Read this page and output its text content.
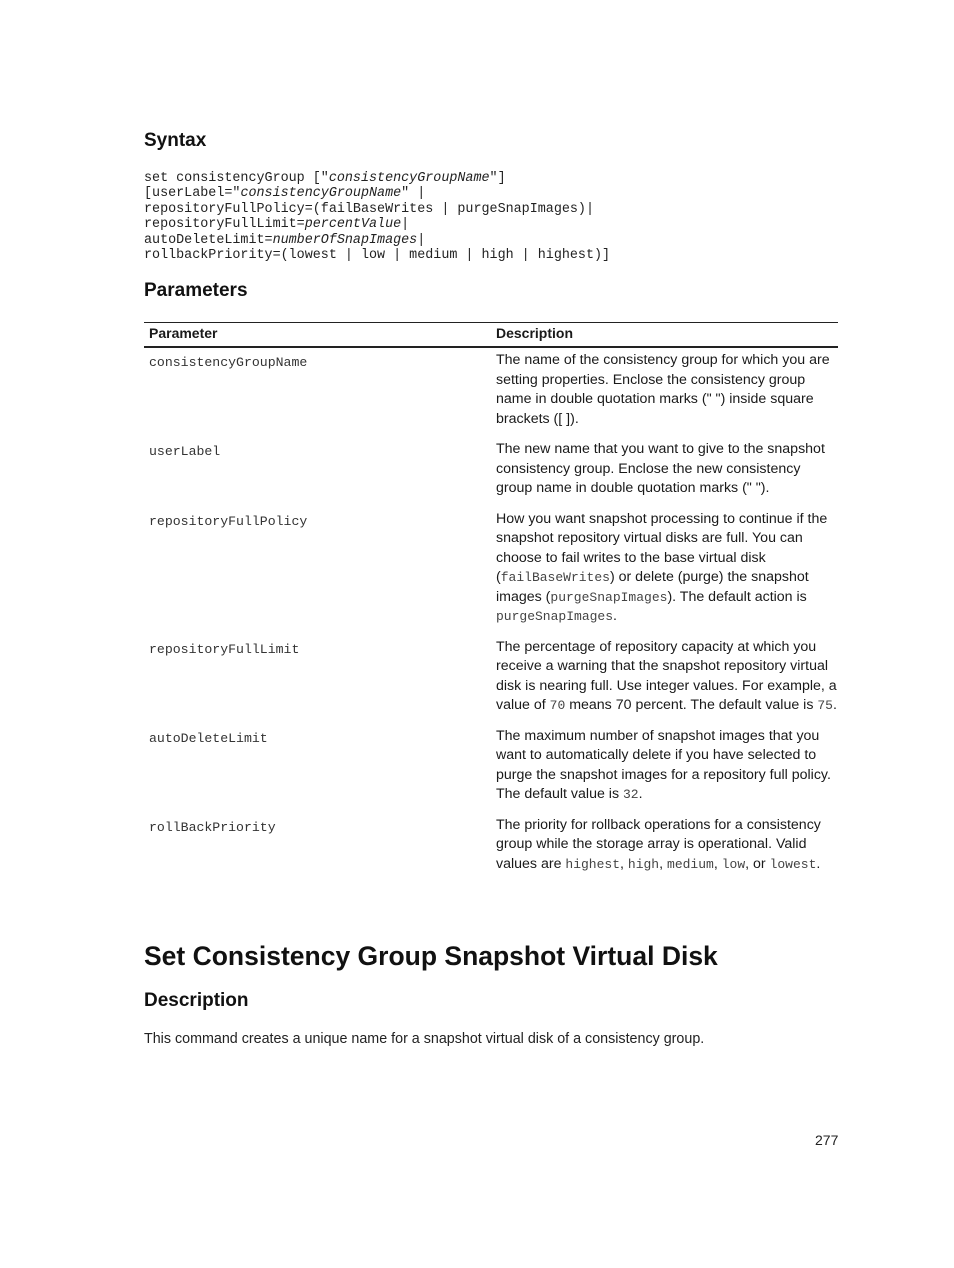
Syntax
set consistencyGroup ["consistencyGroupName"]
[userLabel="consistencyGroupName" |
repositoryFullPolicy=(failBaseWrites | purgeSnapImages)|
repositoryFullLimit=percentValue|
autoDeleteLimit=numberOfSnapImages|
rollbackPriority=(lowest | low | medium | high | highest)]
Parameters
Parameter	Description
consistencyGroupName	The name of the consistency group for which you are setting properties. Enclose the consistency group name in double quotation marks (" ") inside square brackets ([ ]).
userLabel	The new name that you want to give to the snapshot consistency group. Enclose the new consistency group name in double quotation marks (" ").
repositoryFullPolicy	How you want snapshot processing to continue if the snapshot repository virtual disks are full. You can choose to fail writes to the base virtual disk (failBaseWrites) or delete (purge) the snapshot images (purgeSnapImages). The default action is purgeSnapImages.
repositoryFullLimit	The percentage of repository capacity at which you receive a warning that the snapshot repository virtual disk is nearing full. Use integer values. For example, a value of 70 means 70 percent. The default value is 75.
autoDeleteLimit	The maximum number of snapshot images that you want to automatically delete if you have selected to purge the snapshot images for a repository full policy. The default value is 32.
rollBackPriority	The priority for rollback operations for a consistency group while the storage array is operational. Valid values are highest, high, medium, low, or lowest.
Set Consistency Group Snapshot Virtual Disk
Description

This command creates a unique name for a snapshot virtual disk of a consistency group.

277
